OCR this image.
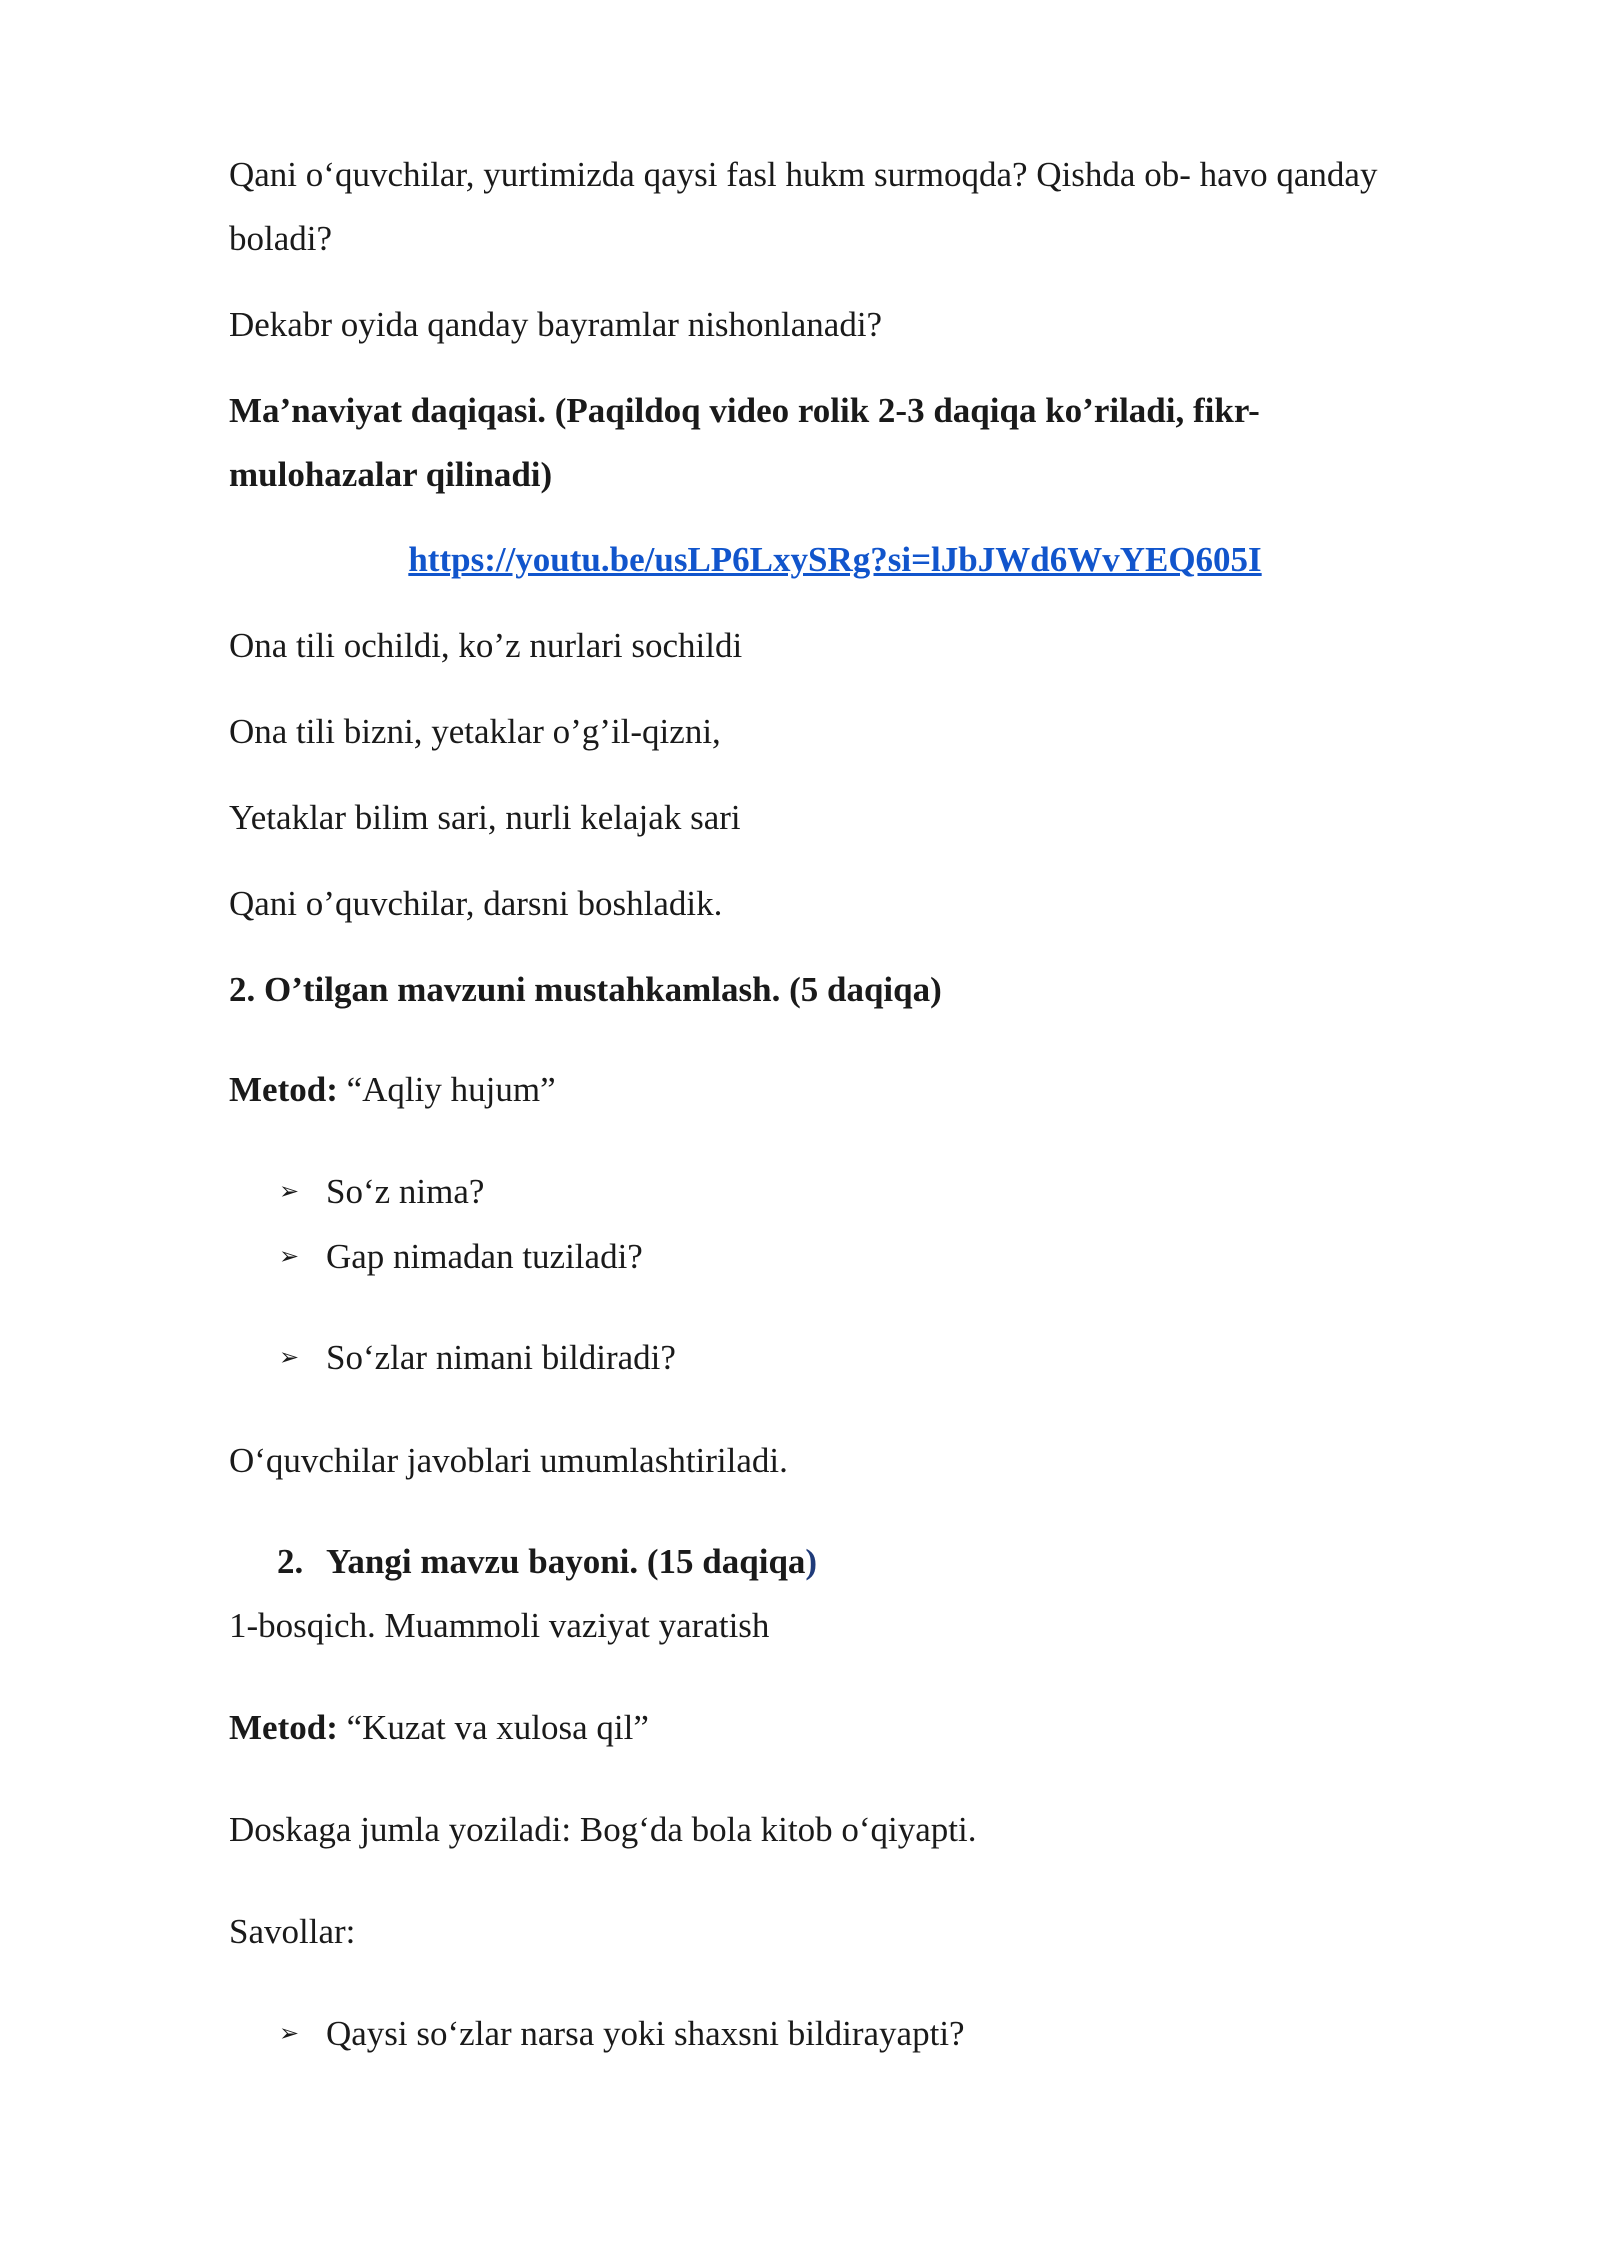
Qani o‘quvchilar, yurtimizda qaysi fasl hukm surmoqda? Qishda ob- havo qanday
boladi?
Dekabr oyida qanday bayramlar nishonlanadi?
Ma’naviyat daqiqasi. (Paqildoq video rolik 2-3 daqiqa ko’riladi, fikr-
mulohazalar qilinadi)
https://youtu.be/usLP6LxySRg?si=lJbJWd6WvYEQ605I
Ona tili ochildi, ko’z nurlari sochildi
Ona tili bizni, yetaklar o’g’il-qizni,
Yetaklar bilim sari, nurli kelajak sari
Qani o’quvchilar, darsni boshladik.
2. O’tilgan mavzuni mustahkamlash. (5 daqiqa)
Metod: “Aqliy hujum”
➢ So‘z nima?
➢ Gap nimadan tuziladi?
➢ So‘zlar nimani bildiradi?
O‘quvchilar javoblari umumlashtiriladi.
2. Yangi mavzu bayoni. (15 daqiqa)
1-bosqich. Muammoli vaziyat yaratish
Metod: “Kuzat va xulosa qil”
Doskaga jumla yoziladi: Bog‘da bola kitob o‘qiyapti.
Savollar:
➢ Qaysi so‘zlar narsa yoki shaxsni bildirayapti?
